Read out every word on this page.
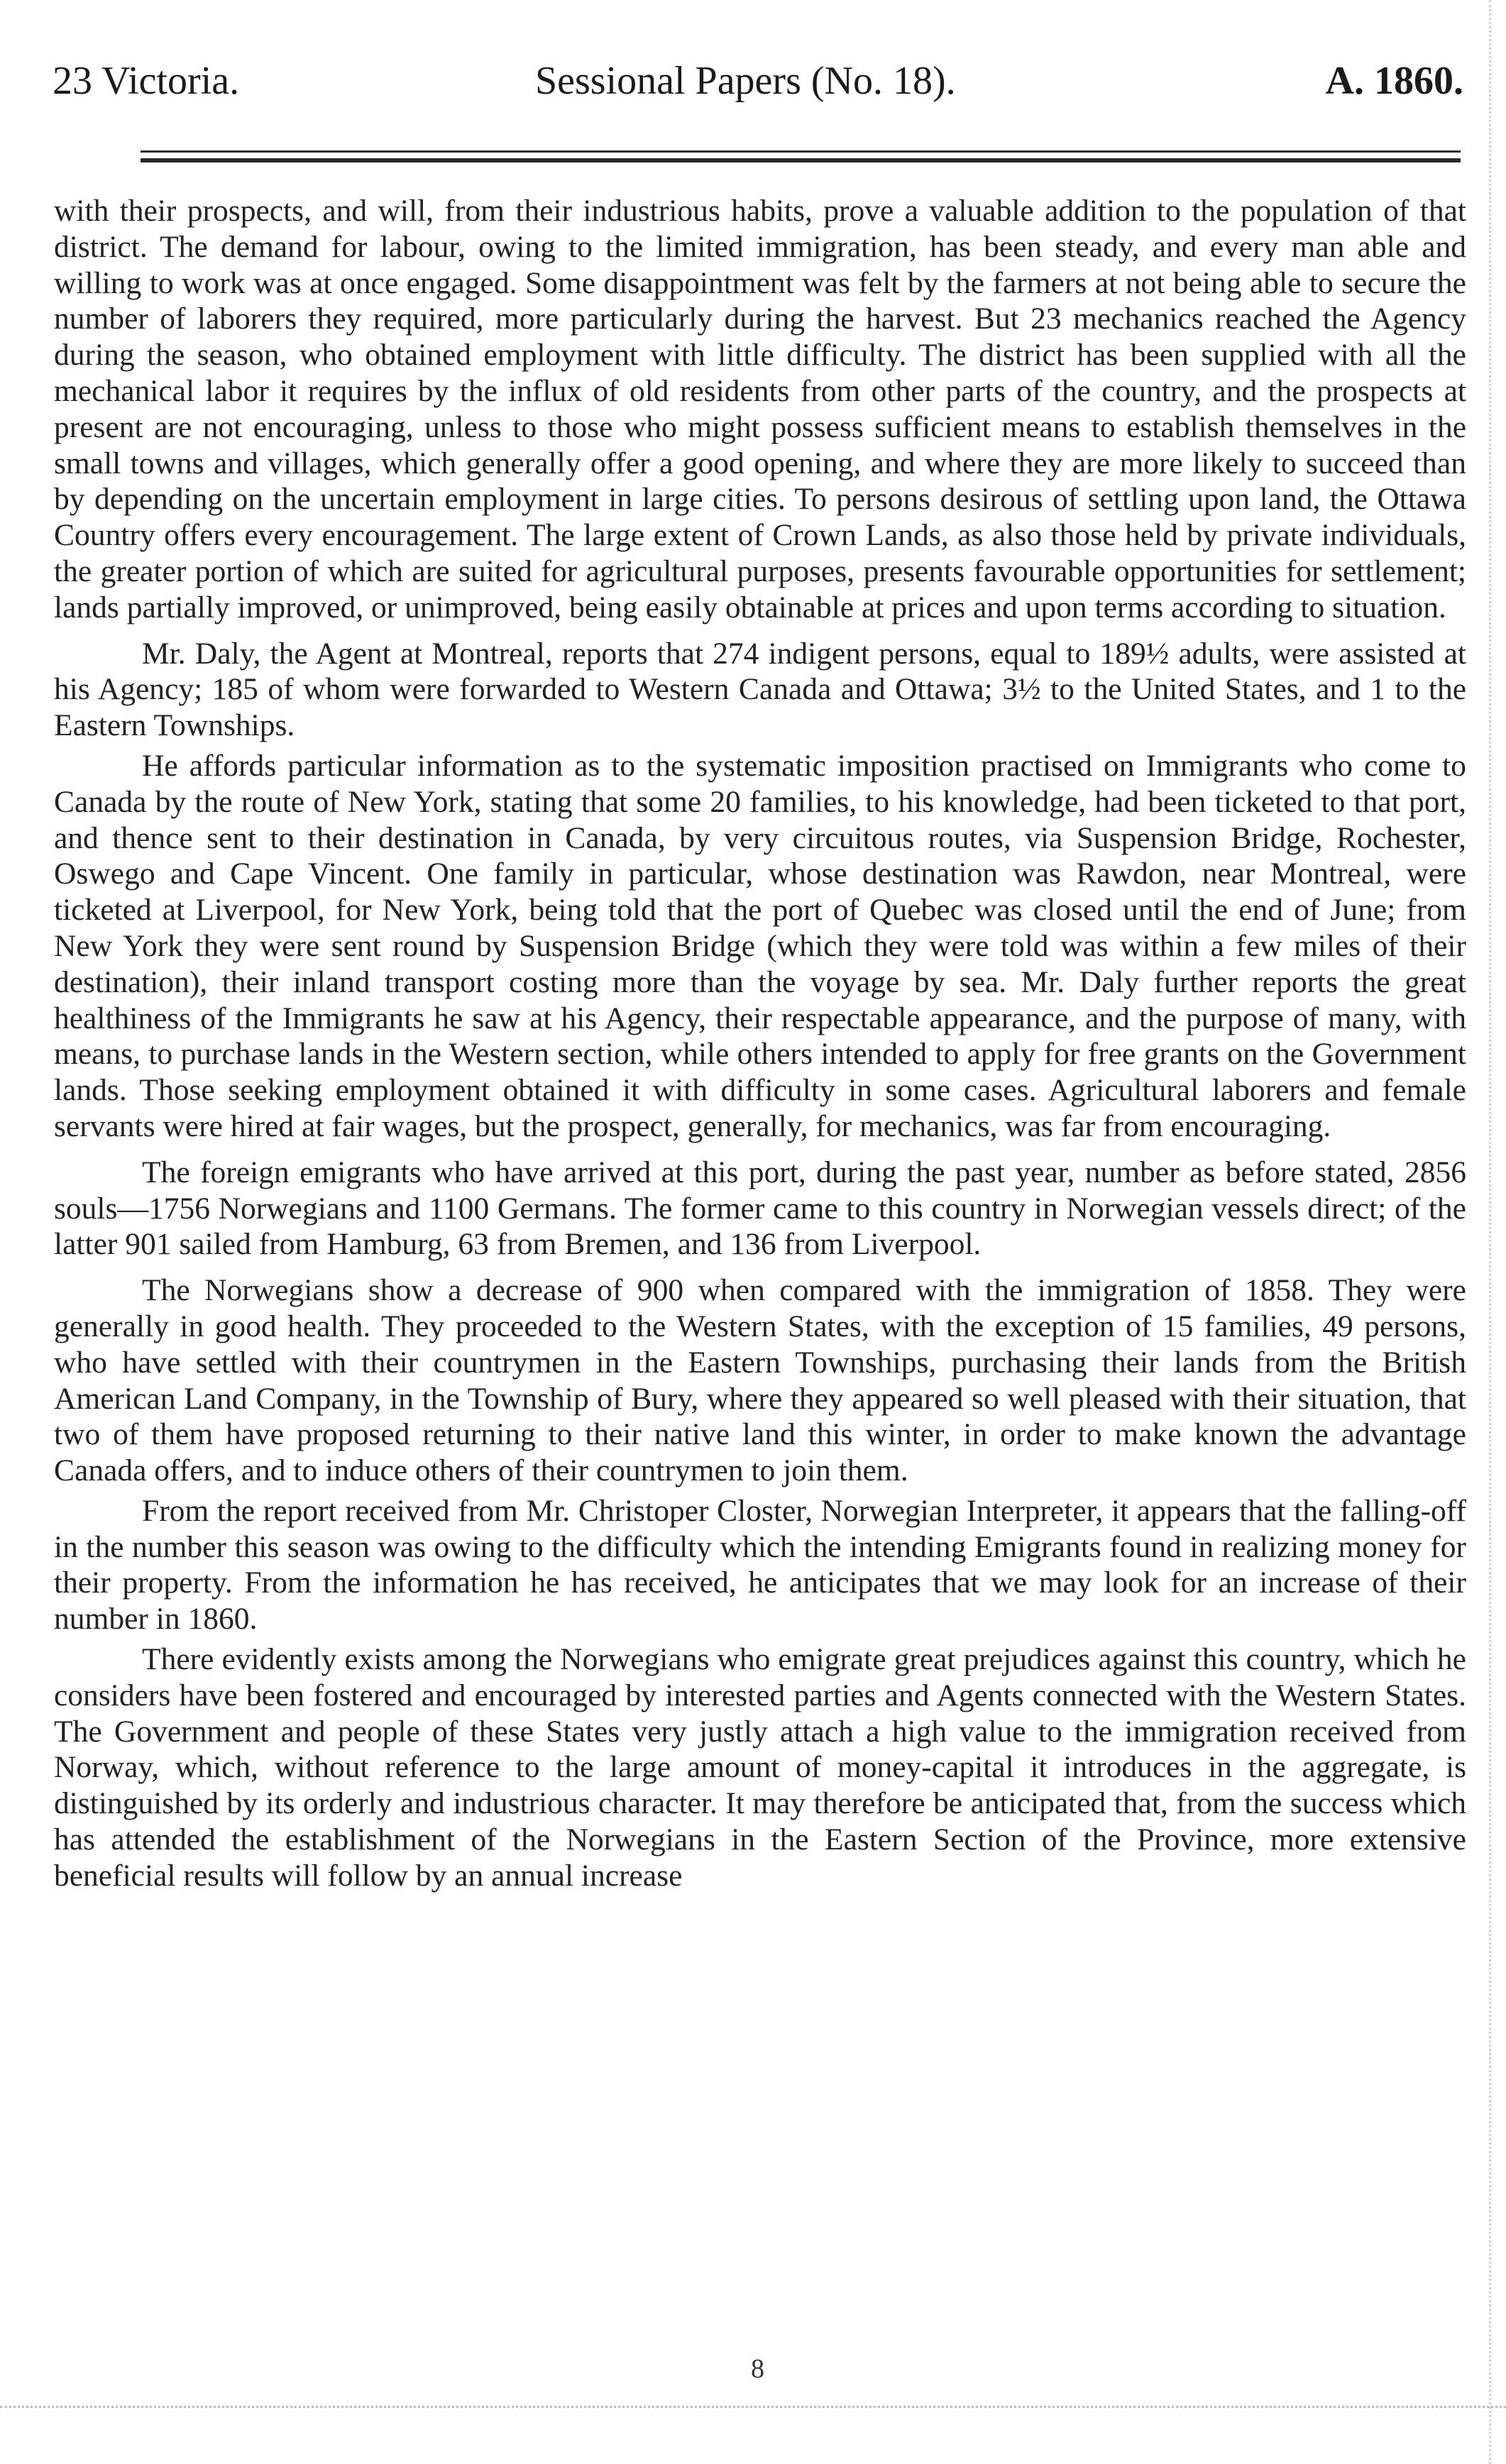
23 Victoria.	Sessional Papers (No. 18).	A. 1860.

with their prospects, and will, from their industrious habits, prove a valuable addition to the population of that district. The demand for labour, owing to the limited immigration, has been steady, and every man able and willing to work was at once engaged. Some disappointment was felt by the farmers at not being able to secure the number of laborers they required, more particularly during the harvest. But 23 mechanics reached the Agency during the season, who obtained employment with little difficulty. The district has been supplied with all the mechanical labor it requires by the influx of old residents from other parts of the country, and the prospects at present are not encouraging, unless to those who might possess sufficient means to establish themselves in the small towns and villages, which generally offer a good opening, and where they are more likely to succeed than by depending on the uncertain employment in large cities. To persons desirous of settling upon land, the Ottawa Country offers every encouragement. The large extent of Crown Lands, as also those held by private individuals, the greater portion of which are suited for agricultural purposes, presents favourable opportunities for settlement; lands partially improved, or unimproved, being easily obtainable at prices and upon terms according to situation.

Mr. Daly, the Agent at Montreal, reports that 274 indigent persons, equal to 189½ adults, were assisted at his Agency; 185 of whom were forwarded to Western Canada and Ottawa; 3½ to the United States, and 1 to the Eastern Townships.

He affords particular information as to the systematic imposition practised on Immigrants who come to Canada by the route of New York, stating that some 20 families, to his knowledge, had been ticketed to that port, and thence sent to their destination in Canada, by very circuitous routes, via Suspension Bridge, Rochester, Oswego and Cape Vincent. One family in particular, whose destination was Rawdon, near Montreal, were ticketed at Liverpool, for New York, being told that the port of Quebec was closed until the end of June; from New York they were sent round by Suspension Bridge (which they were told was within a few miles of their destination), their inland transport costing more than the voyage by sea. Mr. Daly further reports the great healthiness of the Immigrants he saw at his Agency, their respectable appearance, and the purpose of many, with means, to purchase lands in the Western section, while others intended to apply for free grants on the Government lands. Those seeking employment obtained it with difficulty in some cases. Agricultural laborers and female servants were hired at fair wages, but the prospect, generally, for mechanics, was far from encouraging.

The foreign emigrants who have arrived at this port, during the past year, number as before stated, 2856 souls—1756 Norwegians and 1100 Germans. The former came to this country in Norwegian vessels direct; of the latter 901 sailed from Hamburg, 63 from Bremen, and 136 from Liverpool.

The Norwegians show a decrease of 900 when compared with the immigration of 1858. They were generally in good health. They proceeded to the Western States, with the exception of 15 families, 49 persons, who have settled with their countrymen in the Eastern Townships, purchasing their lands from the British American Land Company, in the Township of Bury, where they appeared so well pleased with their situation, that two of them have proposed returning to their native land this winter, in order to make known the advantage Canada offers, and to induce others of their countrymen to join them.

From the report received from Mr. Christoper Closter, Norwegian Interpreter, it appears that the falling-off in the number this season was owing to the difficulty which the intending Emigrants found in realizing money for their property. From the information he has received, he anticipates that we may look for an increase of their number in 1860.

There evidently exists among the Norwegians who emigrate great prejudices against this country, which he considers have been fostered and encouraged by interested parties and Agents connected with the Western States. The Government and people of these States very justly attach a high value to the immigration received from Norway, which, without reference to the large amount of money-capital it introduces in the aggregate, is distinguished by its orderly and industrious character. It may therefore be anticipated that, from the success which has attended the establishment of the Norwegians in the Eastern Section of the Province, more extensive beneficial results will follow by an annual increase

8
